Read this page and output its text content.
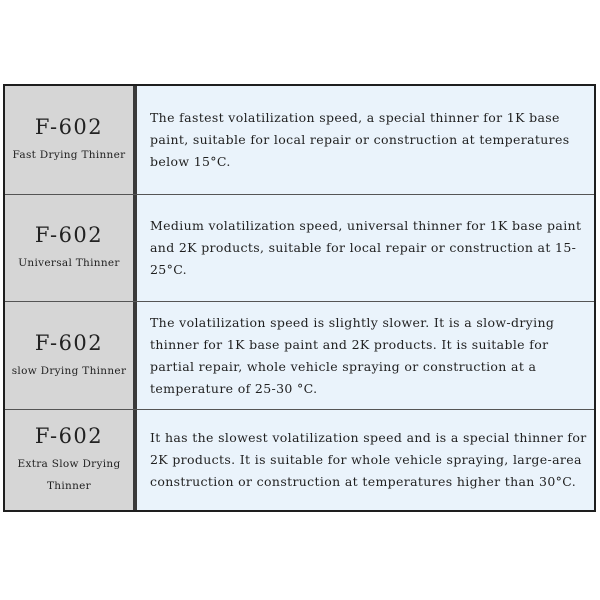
F-602
Fast Drying Thinner

The fastest volatilization speed, a special thinner for 1K base paint, suitable for local repair or construction at temperatures below 15°C.

F-602
Universal Thinner

Medium volatilization speed, universal thinner for 1K base paint and 2K products, suitable for local repair or construction at 15-25°C.

F-602
slow Drying Thinner

The volatilization speed is slightly slower. It is a slow-drying thinner for 1K base paint and 2K products. It is suitable for partial repair, whole vehicle spraying or construction at a temperature of 25-30 °C.

F-602
Extra Slow Drying Thinner

It has the slowest volatilization speed and is a special thinner for 2K products. It is suitable for whole vehicle spraying, large-area construction or construction at temperatures higher than 30°C.
